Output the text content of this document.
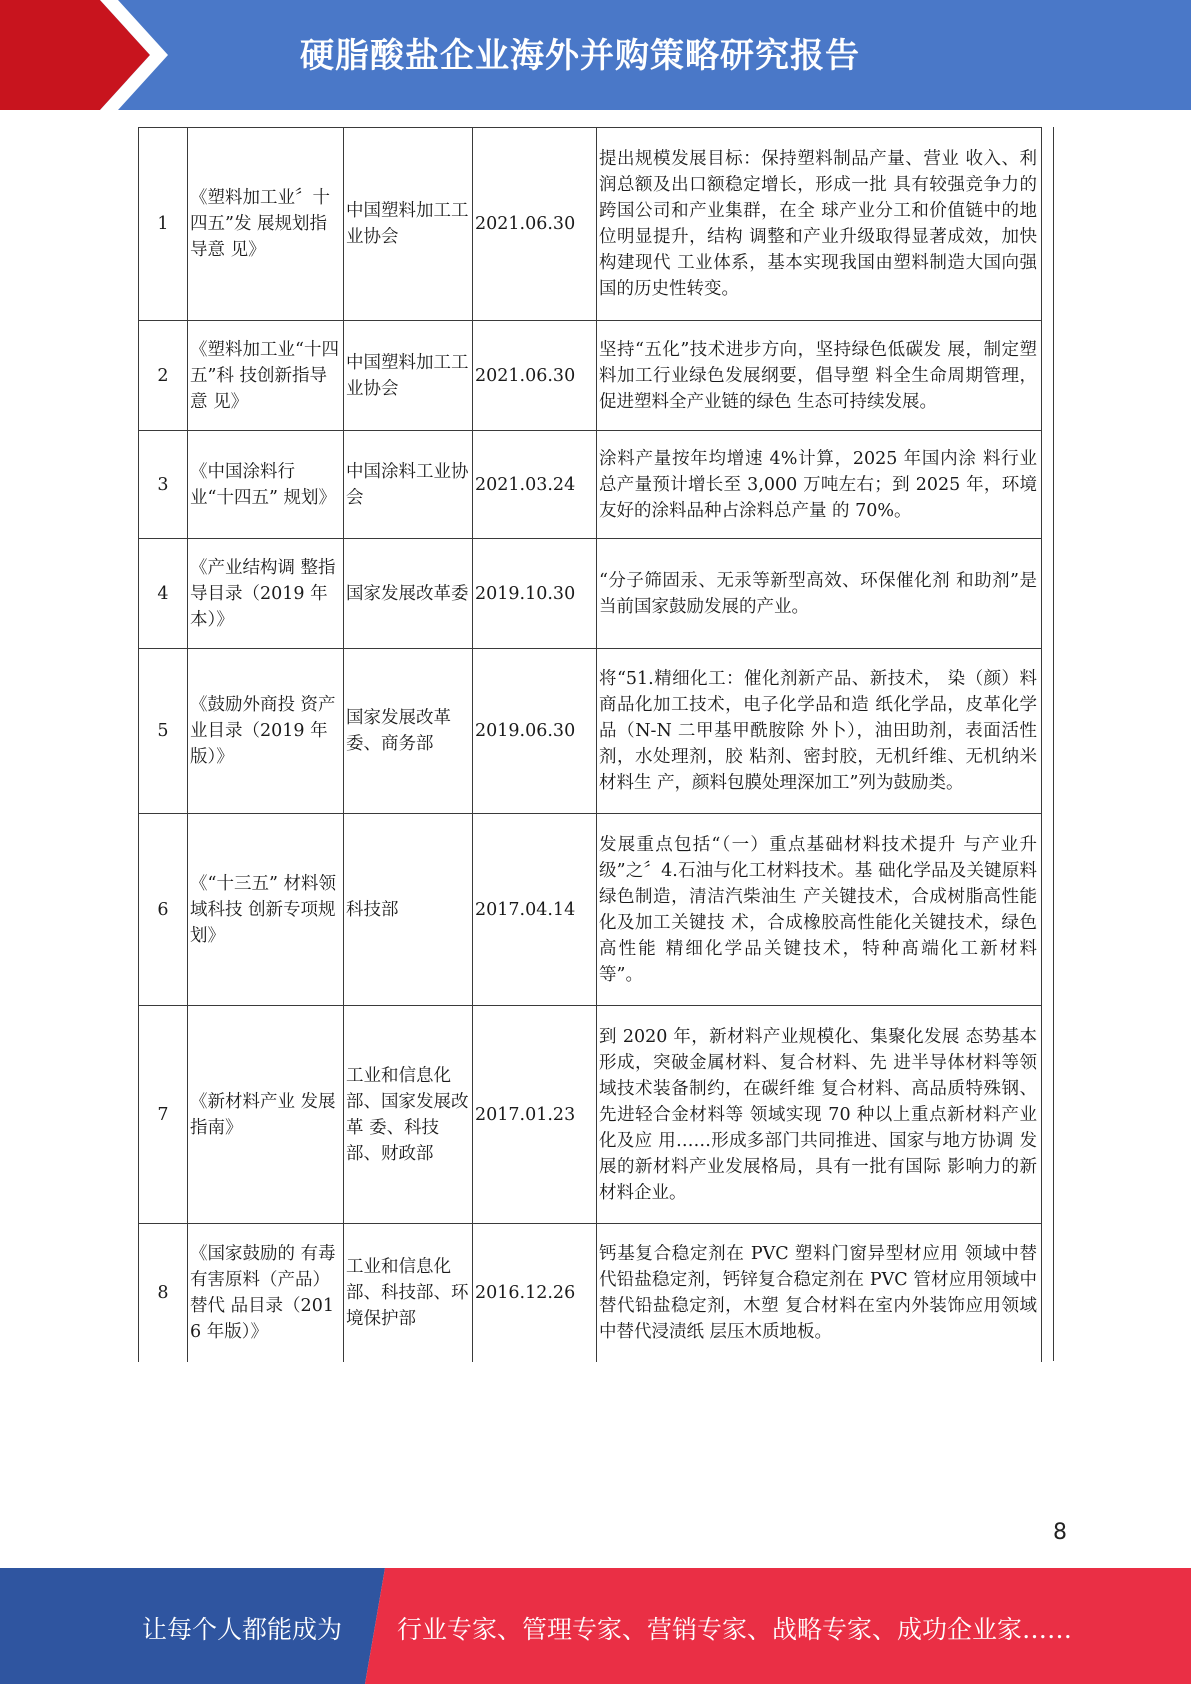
硬脂酸盐企业海外并购策略研究报告
1	《塑料加工业〞十四五”发 展规划指导意 见》	中国塑料加工工业协会	2021.06.30	提出规模发展目标：保持塑料制品产量、营业 收入、利润总额及出口额稳定增长，形成一批 具有较强竞争力的跨国公司和产业集群，在全 球产业分工和价值链中的地位明显提升，结构 调整和产业升级取得显著成效，加快构建现代 工业体系，基本实现我国由塑料制造大国向强 国的历史性转变。
2	《塑料加工业“十四五”科 技创新指导意 见》	中国塑料加工工业协会	2021.06.30	坚持“五化”技术进步方向，坚持绿色低碳发 展，制定塑料加工行业绿色发展纲要，倡导塑 料全生命周期管理，促进塑料全产业链的绿色 生态可持续发展。
3	《中国涂料行 业“十四五” 规划》	中国涂料工业协会	2021.03.24	涂料产量按年均增速 4%计算，2025 年国内涂 料行业总产量预计增长至 3,000 万吨左右；到 2025 年，环境友好的涂料品种占涂料总产量 的 70%。
4	《产业结构调 整指导目录（2019 年本）》	国家发展改革委	2019.10.30	“分子筛固汞、无汞等新型高效、环保催化剂 和助剂”是当前国家鼓励发展的产业。
5	《鼓励外商投 资产业目录（2019 年版）》	国家发展改革委、商务部	2019.06.30	将“51.精细化工：催化剂新产品、新技术， 染（颜）料商品化加工技术，电子化学品和造 纸化学品，皮革化学品（N-N 二甲基甲酰胺除 外卜），油田助剂，表面活性剂，水处理剂，胶 粘剂、密封胶，无机纤维、无机纳米材料生 产，颜料包膜处理深加工”列为鼓励类。
6	《“十三五” 材料领域科技 创新专项规 划》	科技部	2017.04.14	发展重点包括“（一）重点基础材料技术提升 与产业升级”之〞4.石油与化工材料技术。基 础化学品及关键原料绿色制造，清洁汽柴油生 产关键技术，合成树脂高性能化及加工关键技 术，合成橡胶高性能化关键技术，绿色高性能 精细化学品关键技术，特种髙端化工新材料 等”。
7	《新材料产业 发展指南》	工业和信息化部、国家发展改革 委、科技 部、财政部	2017.01.23	到 2020 年，新材料产业规模化、集聚化发展 态势基本形成，突破金属材料、复合材料、先 进半导体材料等领域技术装备制约，在碳纤维 复合材料、高品质特殊钢、先进轻合金材料等 领域实现 70 种以上重点新材料产业化及应 用……形成多部门共同推进、国家与地方协调 发展的新材料产业发展格局，具有一批有国际 影响力的新材料企业。
8	《国家鼓励的 有毒有害原料（产品）替代 品目录（2016 年版）》	工业和信息化部、科技部、环境保护部	2016.12.26	钙基复合稳定剂在 PVC 塑料门窗异型材应用 领域中替代铅盐稳定剂，钙锌复合稳定剂在 PVC 管材应用领域中替代铅盐稳定剂，木塑 复合材料在室内外装饰应用领域中替代浸渍纸 层压木质地板。
8
让每个人都能成为 行业专家、管理专家、营销专家、战略专家、成功企业家……
